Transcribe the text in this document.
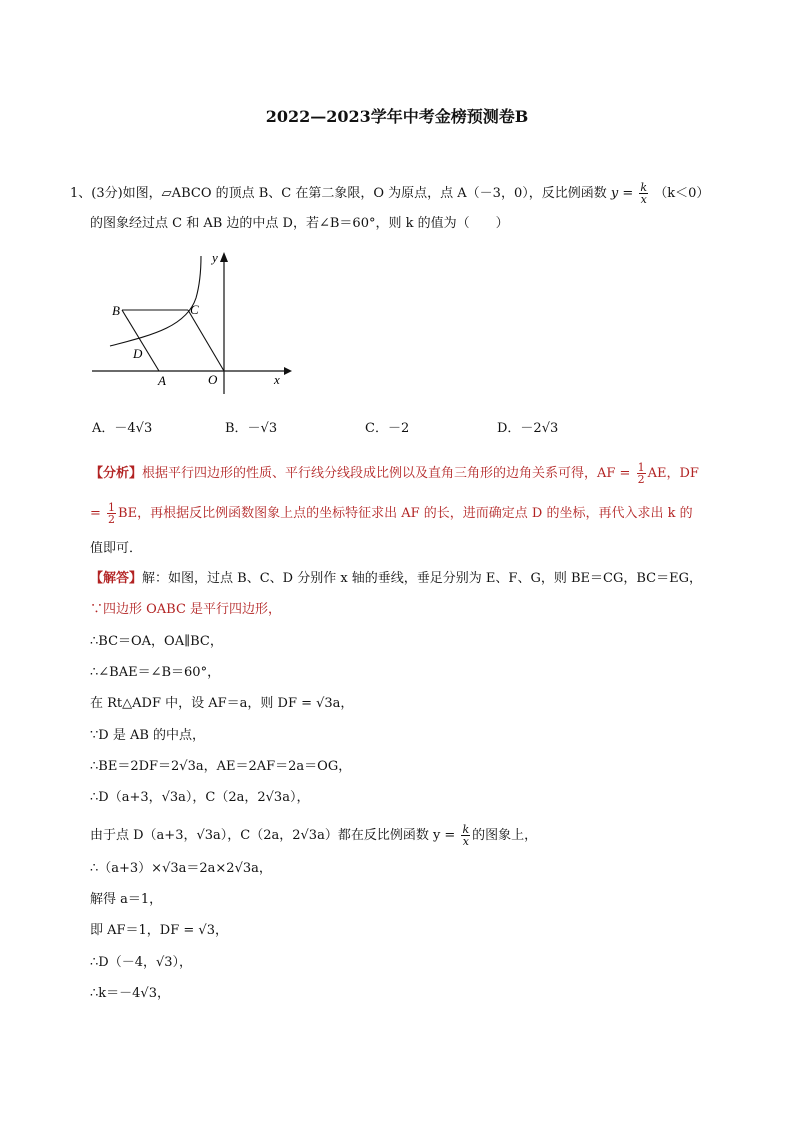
2022—2023学年中考金榜预测卷B
1、(3分)如图，▱ABCO 的顶点 B、C 在第二象限，O 为原点，点 A（－3，0），反比例函数 $y = \frac{k}{x} (k<0)$
的图象经过点 C 和 AB 边的中点 D，若∠B＝60°，则 k 的值为（　　）
y
x
B	C
D
A	O
A．－4√3	B．－√3	C．－2	D．－2√3
【分析】根据平行四边形的性质、平行线分线段成比例以及直角三角形的边角关系可得，AF = $\frac{1}{2}$ AE，DF
= $\frac{1}{2}$ BE，再根据反比例函数图象上点的坐标特征求出 AF 的长，进而确定点 D 的坐标，再代入求出 k 的
值即可．
【解答】解：如图，过点 B、C、D 分别作 x 轴的垂线，垂足分别为 E、F、G，则 BE＝CG，BC＝EG，
∵四边形 OABC 是平行四边形，
∴BC＝OA，OA∥BC，
∴∠BAE＝∠B＝60°，
在 Rt△ADF 中，设 AF＝a，则 DF = √3a，
∵D 是 AB 的中点，
∴BE＝2DF＝2√3a，AE＝2AF＝2a＝OG，
∴D（a+3，√3a），C（2a，2√3a），
由于点 D（a+3，√3a），C（2a，2√3a）都在反比例函数 $y = \frac{k}{x}$ 的图象上，
∴（a+3）×√3a＝2a×2√3a，
解得 a＝1，
即 AF＝1，DF = √3，
∴D（－4，√3），
∴k＝－4√3，
